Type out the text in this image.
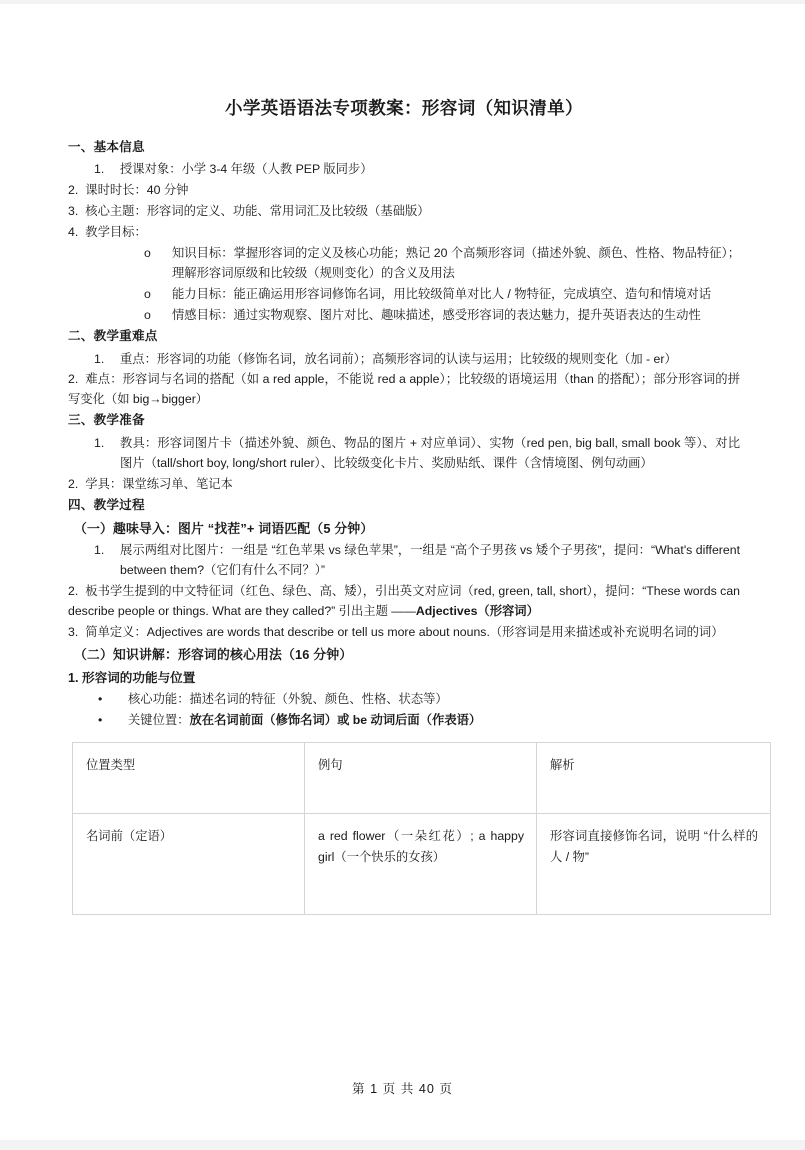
小学英语语法专项教案：形容词（知识清单）
一、基本信息
1.	授课对象：小学 3-4 年级（人教 PEP 版同步）
2. 课时时长：40 分钟
3. 核心主题：形容词的定义、功能、常用词汇及比较级（基础版）
4. 教学目标：
o	知识目标：掌握形容词的定义及核心功能；熟记 20 个高频形容词（描述外貌、颜色、性格、物品特征）；理解形容词原级和比较级（规则变化）的含义及用法
o	能力目标：能正确运用形容词修饰名词，用比较级简单对比人 / 物特征，完成填空、造句和情境对话
o	情感目标：通过实物观察、图片对比、趣味描述，感受形容词的表达魅力，提升英语表达的生动性
二、教学重难点
1.	重点：形容词的功能（修饰名词，放名词前）；高频形容词的认读与运用；比较级的规则变化（加 - er）
2. 难点：形容词与名词的搭配（如 a red apple，不能说 red a apple）；比较级的语境运用（than 的搭配）；部分形容词的拼写变化（如 big→bigger）
三、教学准备
1.	教具：形容词图片卡（描述外貌、颜色、物品的图片 + 对应单词）、实物（red pen, big ball, small book 等）、对比图片（tall/short boy, long/short ruler）、比较级变化卡片、奖励贴纸、课件（含情境图、例句动画）
2. 学具：课堂练习单、笔记本
四、教学过程
（一）趣味导入：图片 “找茬”+ 词语匹配（5 分钟）
1.	展示两组对比图片：一组是 “红色苹果 vs 绿色苹果”，一组是 “高个子男孩 vs 矮个子男孩”，提问：“What's different between them?（它们有什么不同？）”
2. 板书学生提到的中文特征词（红色、绿色、高、矮），引出英文对应词（red, green, tall, short），提问：“These words can describe people or things. What are they called?” 引出主题 ——Adjectives（形容词）
3. 简单定义：Adjectives are words that describe or tell us more about nouns.（形容词是用来描述或补充说明名词的词）
（二）知识讲解：形容词的核心用法（16 分钟）
1. 形容词的功能与位置
•	核心功能：描述名词的特征（外貌、颜色、性格、状态等）
•	关键位置：放在名词前面（修饰名词）或 be 动词后面（作表语）
位置类型	例句	解析
名词前（定语）	a red flower（一朵红花）; a happy girl（一个快乐的女孩）	形容词直接修饰名词，说明 “什么样的人 / 物”
第 1 页 共 40 页
